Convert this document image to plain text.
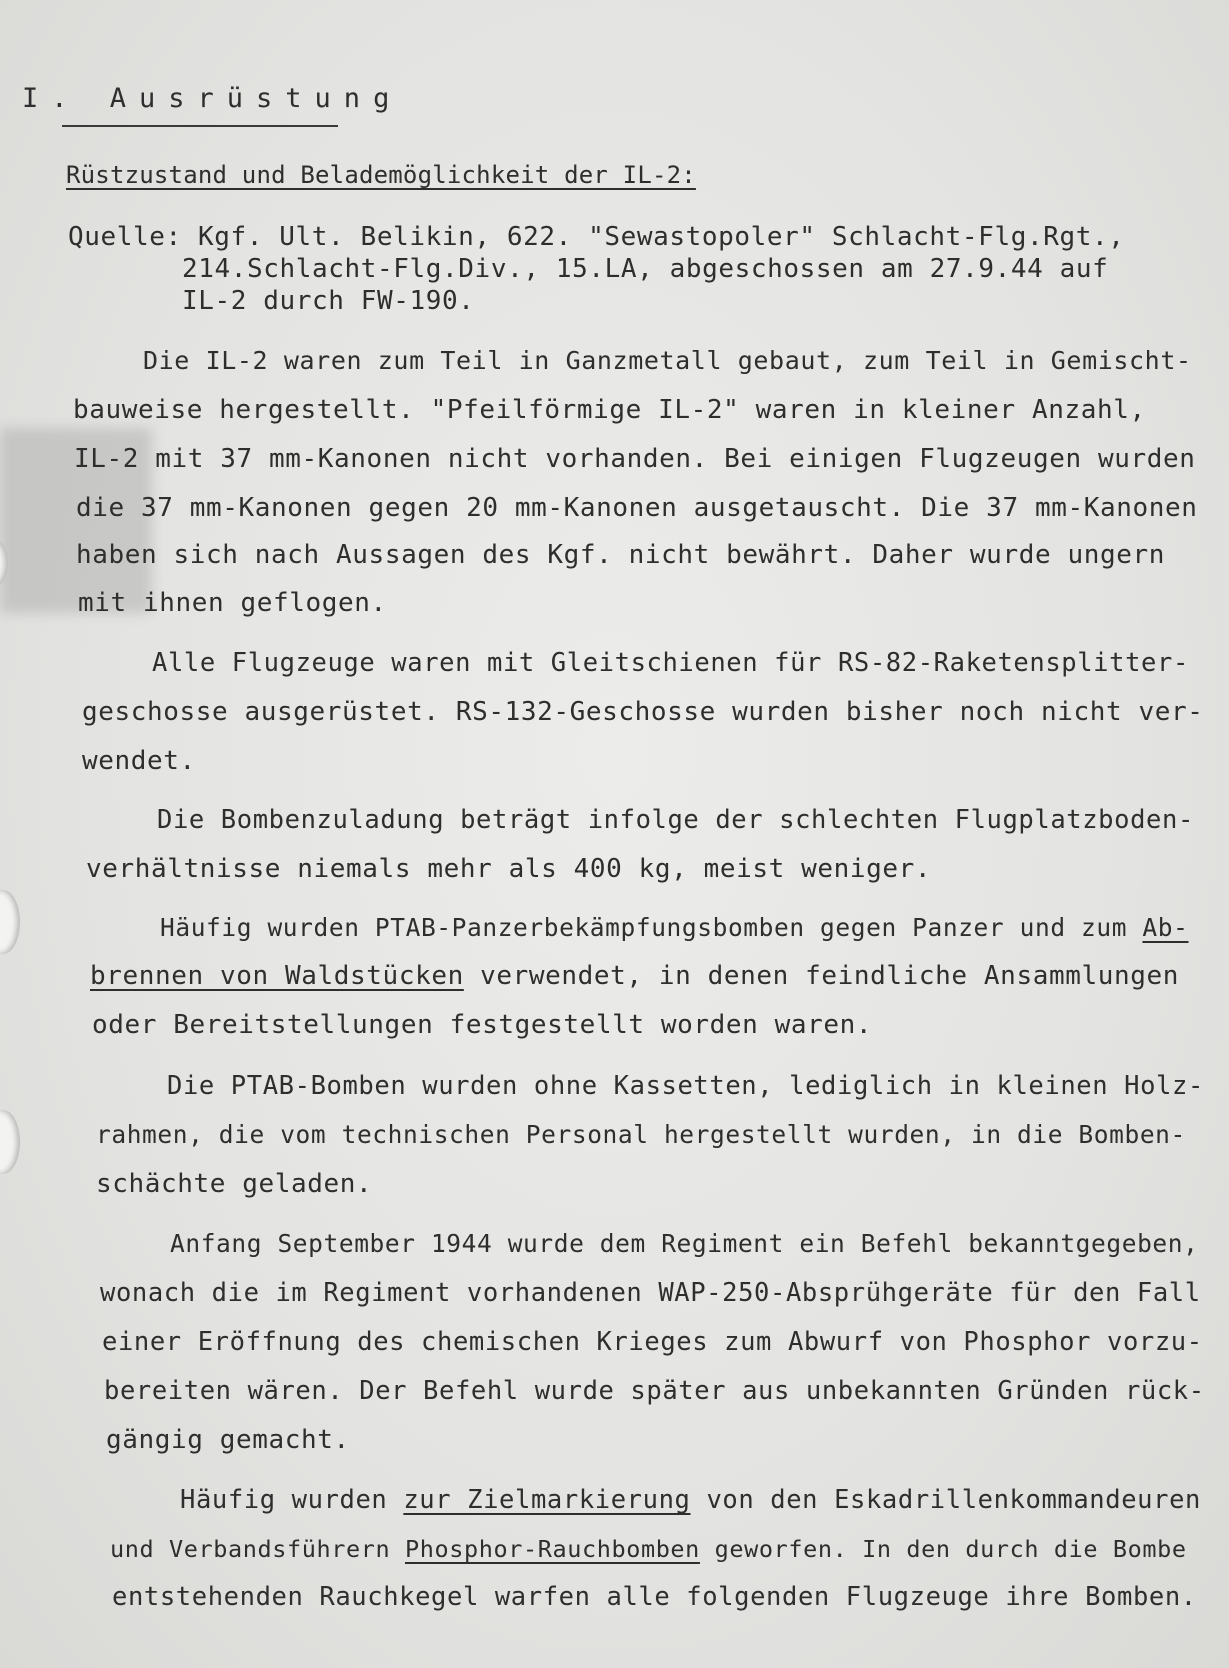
I. Ausrüstung
Rüstzustand und Belademöglichkeit der IL-2:
Quelle: Kgf. Ult. Belikin, 622. "Sewastopoler" Schlacht-Flg.Rgt.,
214.Schlacht-Flg.Div., 15.LA, abgeschossen am 27.9.44 auf
IL-2 durch FW-190.
Die IL-2 waren zum Teil in Ganzmetall gebaut, zum Teil in Gemischt-
bauweise hergestellt. "Pfeilförmige IL-2" waren in kleiner Anzahl,
IL-2 mit 37 mm-Kanonen nicht vorhanden. Bei einigen Flugzeugen wurden
die 37 mm-Kanonen gegen 20 mm-Kanonen ausgetauscht. Die 37 mm-Kanonen
haben sich nach Aussagen des Kgf. nicht bewährt. Daher wurde ungern
mit ihnen geflogen.
Alle Flugzeuge waren mit Gleitschienen für RS-82-Raketensplitter-
geschosse ausgerüstet. RS-132-Geschosse wurden bisher noch nicht ver-
wendet.
Die Bombenzuladung beträgt infolge der schlechten Flugplatzboden-
verhältnisse niemals mehr als 400 kg, meist weniger.
Häufig wurden PTAB-Panzerbekämpfungsbomben gegen Panzer und zum Ab-
brennen von Waldstücken verwendet, in denen feindliche Ansammlungen
oder Bereitstellungen festgestellt worden waren.
Die PTAB-Bomben wurden ohne Kassetten, lediglich in kleinen Holz-
rahmen, die vom technischen Personal hergestellt wurden, in die Bomben-
schächte geladen.
Anfang September 1944 wurde dem Regiment ein Befehl bekanntgegeben,
wonach die im Regiment vorhandenen WAP-250-Absprühgeräte für den Fall
einer Eröffnung des chemischen Krieges zum Abwurf von Phosphor vorzu-
bereiten wären. Der Befehl wurde später aus unbekannten Gründen rück-
gängig gemacht.
Häufig wurden zur Zielmarkierung von den Eskadrillenkommandeuren
und Verbandsführern Phosphor-Rauchbomben geworfen. In den durch die Bombe
entstehenden Rauchkegel warfen alle folgenden Flugzeuge ihre Bomben.
